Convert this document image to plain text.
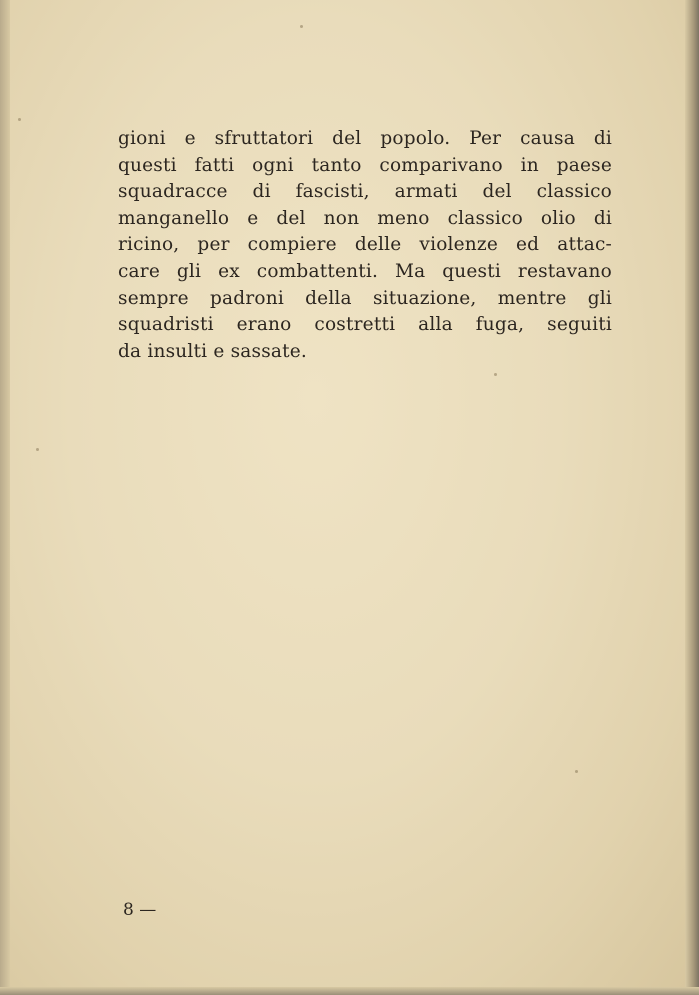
gioni e sfruttatori del popolo. Per causa di
questi fatti ogni tanto comparivano in paese
squadracce di fascisti, armati del classico
manganello e del non meno classico olio di
ricino, per compiere delle violenze ed attac-
care gli ex combattenti. Ma questi restavano
sempre padroni della situazione, mentre gli
squadristi erano costretti alla fuga, seguiti
da insulti e sassate.
8 —
